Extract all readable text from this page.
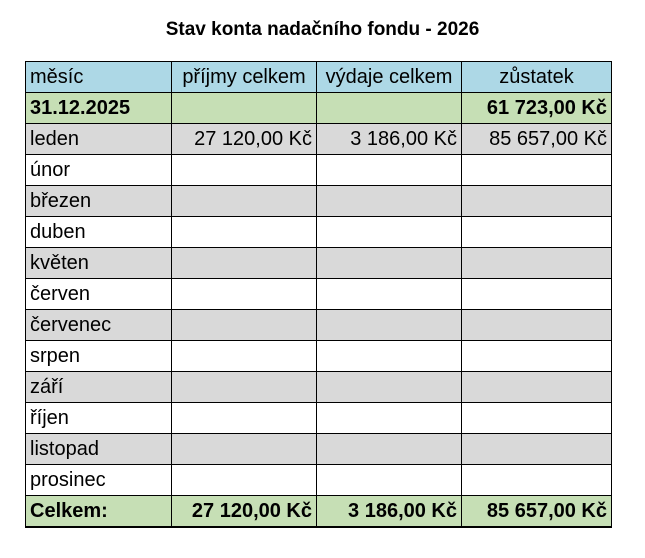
Stav konta nadačního fondu - 2026
měsíc	příjmy celkem	výdaje celkem	zůstatek
31.12.2025			61 723,00 Kč
leden	27 120,00 Kč	3 186,00 Kč	85 657,00 Kč
únor			
březen			
duben			
květen			
červen			
červenec			
srpen			
září			
říjen			
listopad			
prosinec			
Celkem:	27 120,00 Kč	3 186,00 Kč	85 657,00 Kč
